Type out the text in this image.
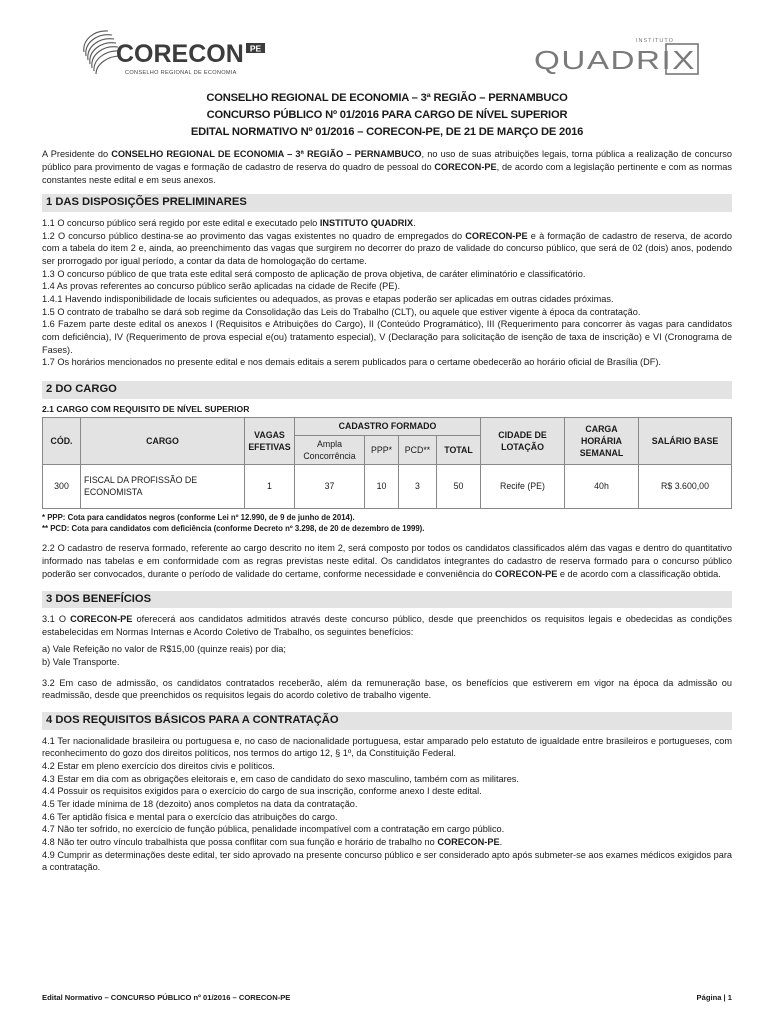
CORECON PE
CONSELHO REGIONAL DE ECONOMIA
INSTITUTO
QUADRIX
CONSELHO REGIONAL DE ECONOMIA – 3ª REGIÃO – PERNAMBUCO
CONCURSO PÚBLICO Nº 01/2016 PARA CARGO DE NÍVEL SUPERIOR
EDITAL NORMATIVO Nº 01/2016 – CORECON-PE, DE 21 DE MARÇO DE 2016

A Presidente do CONSELHO REGIONAL DE ECONOMIA – 3ª REGIÃO – PERNAMBUCO, no uso de suas atribuições legais, torna pública a realização de concurso público para provimento de vagas e formação de cadastro de reserva do quadro de pessoal do CORECON-PE, de acordo com a legislação pertinente e com as normas constantes neste edital e em seus anexos.

1 DAS DISPOSIÇÕES PRELIMINARES

1.1 O concurso público será regido por este edital e executado pelo INSTITUTO QUADRIX.

1.2 O concurso público destina-se ao provimento das vagas existentes no quadro de empregados do CORECON-PE e à formação de cadastro de reserva, de acordo com a tabela do item 2 e, ainda, ao preenchimento das vagas que surgirem no decorrer do prazo de validade do concurso público, que será de 02 (dois) anos, podendo ser prorrogado por igual período, a contar da data de homologação do certame.

1.3 O concurso público de que trata este edital será composto de aplicação de prova objetiva, de caráter eliminatório e classificatório.

1.4 As provas referentes ao concurso público serão aplicadas na cidade de Recife (PE).

1.4.1 Havendo indisponibilidade de locais suficientes ou adequados, as provas e etapas poderão ser aplicadas em outras cidades próximas.

1.5 O contrato de trabalho se dará sob regime da Consolidação das Leis do Trabalho (CLT), ou aquele que estiver vigente à época da contratação.

1.6 Fazem parte deste edital os anexos I (Requisitos e Atribuições do Cargo), II (Conteúdo Programático), III (Requerimento para concorrer às vagas para candidatos com deficiência), IV (Requerimento de prova especial e(ou) tratamento especial), V (Declaração para solicitação de isenção de taxa de inscrição) e VI (Cronograma de Fases).

1.7 Os horários mencionados no presente edital e nos demais editais a serem publicados para o certame obedecerão ao horário oficial de Brasília (DF).

2 DO CARGO
2.1 CARGO COM REQUISITO DE NÍVEL SUPERIOR
CÓD.	CARGO	VAGAS EFETIVAS	CADASTRO FORMADO				CIDADE DE LOTAÇÃO	CARGA HORÁRIA SEMANAL	SALÁRIO BASE
			Ampla Concorrência	PPP*	PCD**	TOTAL			
300	FISCAL DA PROFISSÃO DE ECONOMISTA	1	37	10	3	50	Recife (PE)	40h	R$ 3.600,00
* PPP: Cota para candidatos negros (conforme Lei nº 12.990, de 9 de junho de 2014).
** PCD: Cota para candidatos com deficiência (conforme Decreto nº 3.298, de 20 de dezembro de 1999).

2.2 O cadastro de reserva formado, referente ao cargo descrito no item 2, será composto por todos os candidatos classificados além das vagas e dentro do quantitativo informado nas tabelas e em conformidade com as regras previstas neste edital. Os candidatos integrantes do cadastro de reserva formado para o concurso público poderão ser convocados, durante o período de validade do certame, conforme necessidade e conveniência do CORECON-PE e de acordo com a classificação obtida.

3 DOS BENEFÍCIOS

3.1 O CORECON-PE oferecerá aos candidatos admitidos através deste concurso público, desde que preenchidos os requisitos legais e obedecidas as condições estabelecidas em Normas Internas e Acordo Coletivo de Trabalho, os seguintes benefícios:

a) Vale Refeição no valor de R$15,00 (quinze reais) por dia;

b) Vale Transporte.

3.2 Em caso de admissão, os candidatos contratados receberão, além da remuneração base, os benefícios que estiverem em vigor na época da admissão ou readmissão, desde que preenchidos os requisitos legais do acordo coletivo de trabalho vigente.

4 DOS REQUISITOS BÁSICOS PARA A CONTRATAÇÃO

4.1 Ter nacionalidade brasileira ou portuguesa e, no caso de nacionalidade portuguesa, estar amparado pelo estatuto de igualdade entre brasileiros e portugueses, com reconhecimento do gozo dos direitos políticos, nos termos do artigo 12, § 1º, da Constituição Federal.

4.2 Estar em pleno exercício dos direitos civis e políticos.

4.3 Estar em dia com as obrigações eleitorais e, em caso de candidato do sexo masculino, também com as militares.

4.4 Possuir os requisitos exigidos para o exercício do cargo de sua inscrição, conforme anexo I deste edital.

4.5 Ter idade mínima de 18 (dezoito) anos completos na data da contratação.

4.6 Ter aptidão física e mental para o exercício das atribuições do cargo.

4.7 Não ter sofrido, no exercício de função pública, penalidade incompatível com a contratação em cargo público.

4.8 Não ter outro vínculo trabalhista que possa conflitar com sua função e horário de trabalho no CORECON-PE.

4.9 Cumprir as determinações deste edital, ter sido aprovado na presente concurso público e ser considerado apto após submeter-se aos exames médicos exigidos para a contratação.

Edital Normativo – CONCURSO PÚBLICO nº 01/2016 – CORECON-PE	Página | 1
